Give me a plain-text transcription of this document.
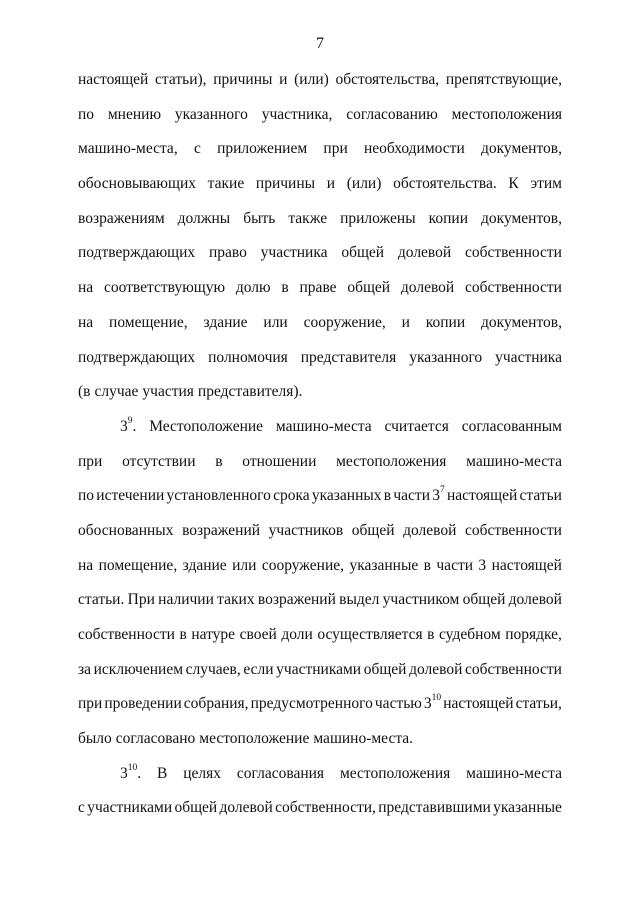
7
настоящей статьи), причины и (или) обстоятельства, препятствующие,
по мнению указанного участника, согласованию местоположения
машино-места, с приложением при необходимости документов,
обосновывающих такие причины и (или) обстоятельства. К этим
возражениям должны быть также приложены копии документов,
подтверждающих право участника общей долевой собственности
на соответствующую долю в праве общей долевой собственности
на помещение, здание или сооружение, и копии документов,
подтверждающих полномочия представителя указанного участника
(в случае участия представителя).
$3^9$. Местоположение машино-места считается согласованным
при отсутствии в отношении местоположения машино-места
по истечении установленного срока указанных в части $3^7$ настоящей статьи
обоснованных возражений участников общей долевой собственности
на помещение, здание или сооружение, указанные в части 3 настоящей
статьи. При наличии таких возражений выдел участником общей долевой
собственности в натуре своей доли осуществляется в судебном порядке,
за исключением случаев, если участниками общей долевой собственности
при проведении собрания, предусмотренного частью $3^{10}$ настоящей статьи,
было согласовано местоположение машино-места.
$3^{10}$. В целях согласования местоположения машино-места
с участниками общей долевой собственности, представившими указанные
